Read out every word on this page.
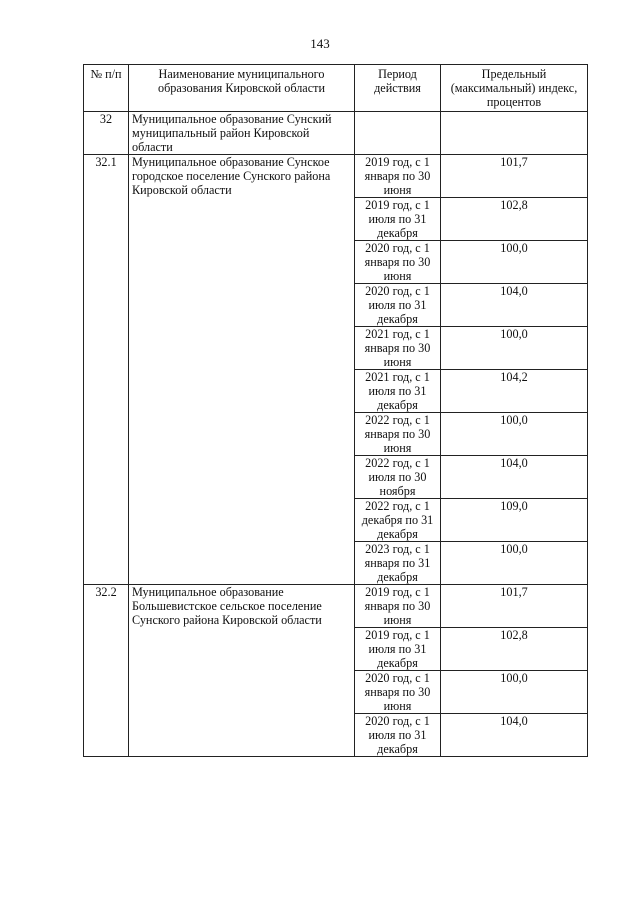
143
№ п/п	Наименование муниципального образования Кировской области	Период действия	Предельный (максимальный) индекс, процентов
32	Муниципальное образование Сунский муниципальный район Кировской области		
32.1	Муниципальное образование Сунское городское поселение Сунского района Кировской области	2019 год, с 1 января по 30 июня	101,7
		2019 год, с 1 июля по 31 декабря	102,8
		2020 год, с 1 января по 30 июня	100,0
		2020 год, с 1 июля по 31 декабря	104,0
		2021 год, с 1 января по 30 июня	100,0
		2021 год, с 1 июля по 31 декабря	104,2
		2022 год, с 1 января по 30 июня	100,0
		2022 год, с 1 июля по 30 ноября	104,0
		2022 год, с 1 декабря по 31 декабря	109,0
		2023 год, с 1 января по 31 декабря	100,0
32.2	Муниципальное образование Большевистское сельское поселение Сунского района Кировской области	2019 год, с 1 января по 30 июня	101,7
		2019 год, с 1 июля по 31 декабря	102,8
		2020 год, с 1 января по 30 июня	100,0
		2020 год, с 1 июля по 31 декабря	104,0
